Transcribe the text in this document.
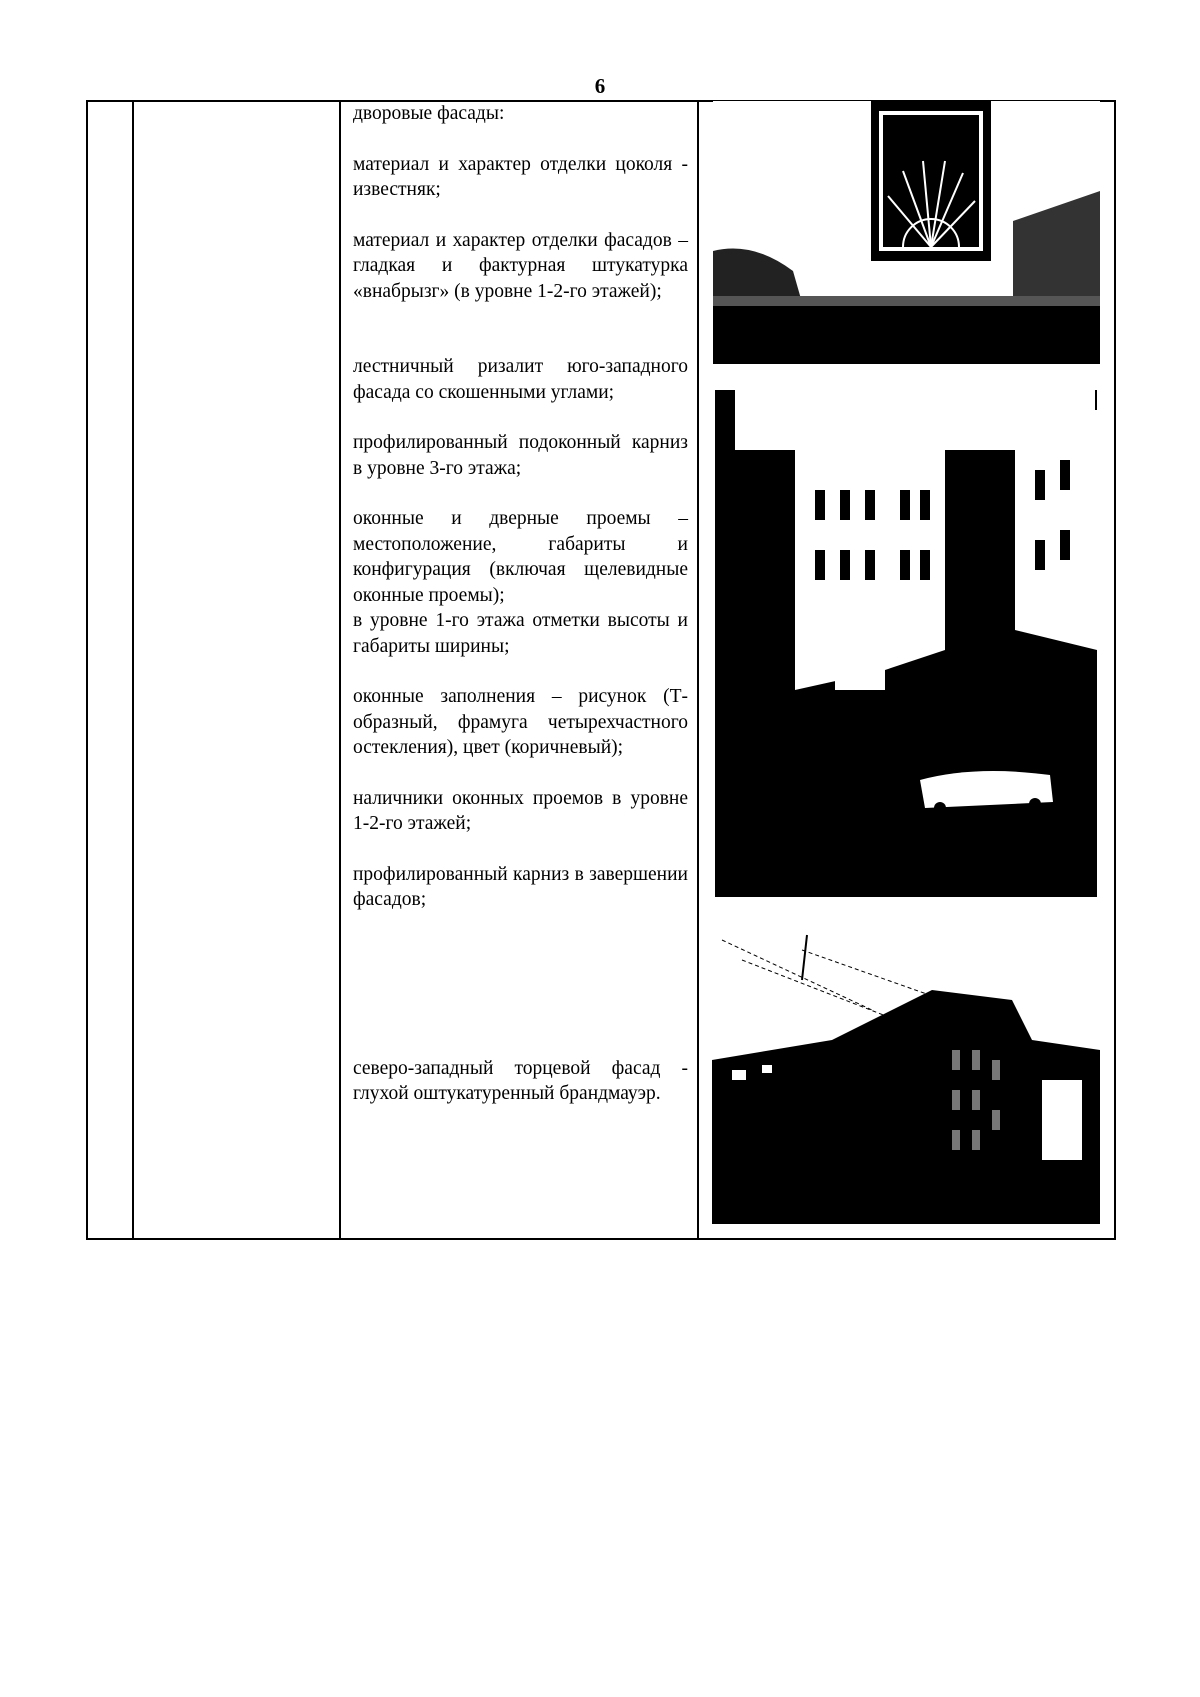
6

дворовые фасады:

материал и характер отделки цоколя - известняк;

материал и характер отделки фасадов – гладкая и фактурная штукатурка «внабрызг» (в уровне 1-2-го этажей);

лестничный ризалит юго-западного фасада со скошенными углами;

профилированный подоконный карниз в уровне 3-го этажа;

оконные и дверные проемы – местоположение, габариты и конфигурация (включая щелевидные оконные проемы);

в уровне 1-го этажа отметки высоты и габариты ширины;

оконные заполнения – рисунок (Т-образный, фрамуга четырехчастного остекления), цвет (коричневый);

наличники оконных проемов в уровне 1-2-го этажей;

профилированный карниз в завершении фасадов;

северо-западный торцевой фасад - глухой оштукатуренный брандмауэр.
